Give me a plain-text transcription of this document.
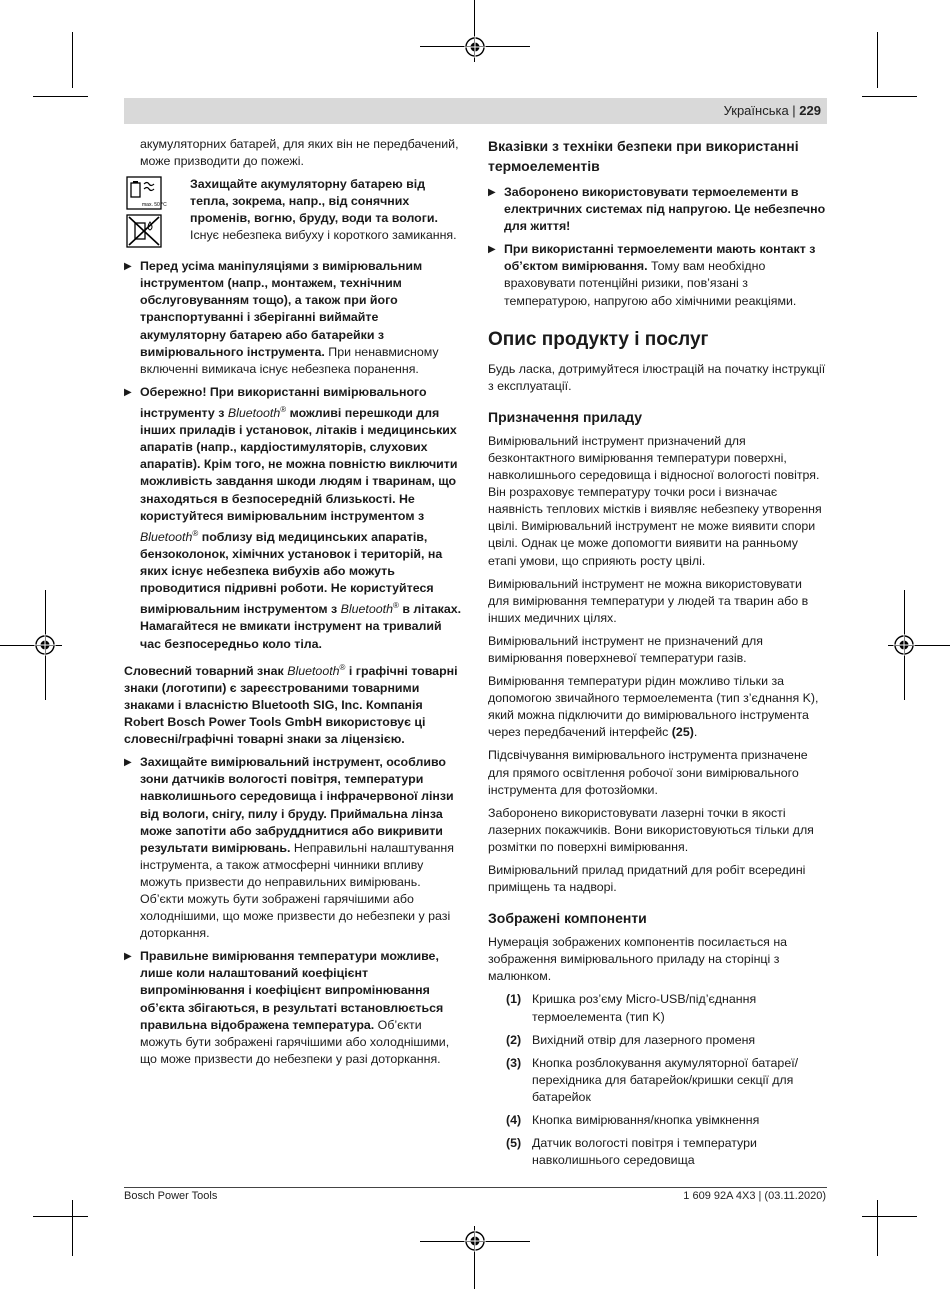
Українська | 229

акумуляторних батарей, для яких він не передбачений, може призводити до пожежі.

max. 50 °C
Захищайте акумуляторну батарею від тепла, зокрема, напр., від сонячних променів, вогню, бруду, води та вологи. Існує небезпека вибуху і короткого замикання.
▶ Перед усіма маніпуляціями з вимірювальним інструментом (напр., монтажем, технічним обслуговуванням тощо), а також при його транспортуванні і зберіганні виймайте акумуляторну батарею або батарейки з вимірювального інструмента. При ненавмисному включенні вимикача існує небезпека поранення.
▶ Обережно! При використанні вимірювального інструменту з Bluetooth® можливі перешкоди для інших приладів і установок, літаків і медицинських апаратів (напр., кардіостимуляторів, слухових апаратів). Крім того, не можна повністю виключити можливість завдання шкоди людям і тваринам, що знаходяться в безпосередній близькості. Не користуйтеся вимірювальним інструментом з Bluetooth® поблизу від медицинських апаратів, бензоколонок, хімічних установок і територій, на яких існує небезпека вибухів або можуть проводитися підривні роботи. Не користуйтеся вимірювальним інструментом з Bluetooth® в літаках. Намагайтеся не вмикати інструмент на тривалий час безпосередньо коло тіла.

Словесний товарний знак Bluetooth® і графічні товарні знаки (логотипи) є зареєстрованими товарними знаками і власністю Bluetooth SIG, Inc. Компанія Robert Bosch Power Tools GmbH використовує ці словесні/графічні товарні знаки за ліцензією.

▶ Захищайте вимірювальний інструмент, особливо зони датчиків вологості повітря, температури навколишнього середовища і інфрачервоної лінзи від вологи, снігу, пилу і бруду. Приймальна лінза може запотіти або забрудднитися або викривити результати вимірювань. Неправильні налаштування інструмента, а також атмосферні чинники впливу можуть призвести до неправильних вимірювань. Об’єкти можуть бути зображені гарячішими або холоднішими, що може призвести до небезпеки у разі доторкання.
▶ Правильне вимірювання температури можливе, лише коли налаштований коефіцієнт випромінювання і коефіцієнт випромінювання об’єкта збігаються, в результаті встановлюється правильна відображена температура. Об’єкти можуть бути зображені гарячішими або холоднішими, що може призвести до небезпеки у разі доторкання.
Вказівки з техніки безпеки при використанні термоелементів
▶ Заборонено використовувати термоелементи в електричних системах під напругою. Це небезпечно для життя!
▶ При використанні термоелементи мають контакт з об’єктом вимірювання. Тому вам необхідно враховувати потенційні ризики, пов’язані з температурою, напругою або хімічними реакціями.
Опис продукту і послуг

Будь ласка, дотримуйтеся ілюстрацій на початку інструкції з експлуатації.

Призначення приладу

Вимірювальний інструмент призначений для безконтактного вимірювання температури поверхні, навколишнього середовища і відносної вологості повітря. Він розраховує температуру точки роси і визначає наявність теплових містків і виявляє небезпеку утворення цвілі. Вимірювальний інструмент не може виявити спори цвілі. Однак це може допомогти виявити на ранньому етапі умови, що сприяють росту цвілі.

Вимірювальний інструмент не можна використовувати для вимірювання температури у людей та тварин або в інших медичних цілях.

Вимірювальний інструмент не призначений для вимірювання поверхневої температури газів.

Вимірювання температури рідин можливо тільки за допомогою звичайного термоелемента (тип з’єднання K), який можна підключити до вимірювального інструмента через передбачений інтерфейс (25).

Підсвічування вимірювального інструмента призначене для прямого освітлення робочої зони вимірювального інструмента для фотозйомки.

Заборонено використовувати лазерні точки в якості лазерних покажчиків. Вони використовуються тільки для розмітки по поверхні вимірювання.

Вимірювальний прилад придатний для робіт всередині приміщень та надворі.

Зображені компоненти

Нумерація зображених компонентів посилається на зображення вимірювального приладу на сторінці з малюнком.

(1) Кришка роз’єму Micro-USB/під’єднання термоелемента (тип K)
(2) Вихідний отвір для лазерного променя
(3) Кнопка розблокування акумуляторної батареї/перехідника для батарейок/кришки секції для батарейок
(4) Кнопка вимірювання/кнопка увімкнення
(5) Датчик вологості повітря і температури навколишнього середовища
Bosch Power Tools	1 609 92A 4X3 | (03.11.2020)
